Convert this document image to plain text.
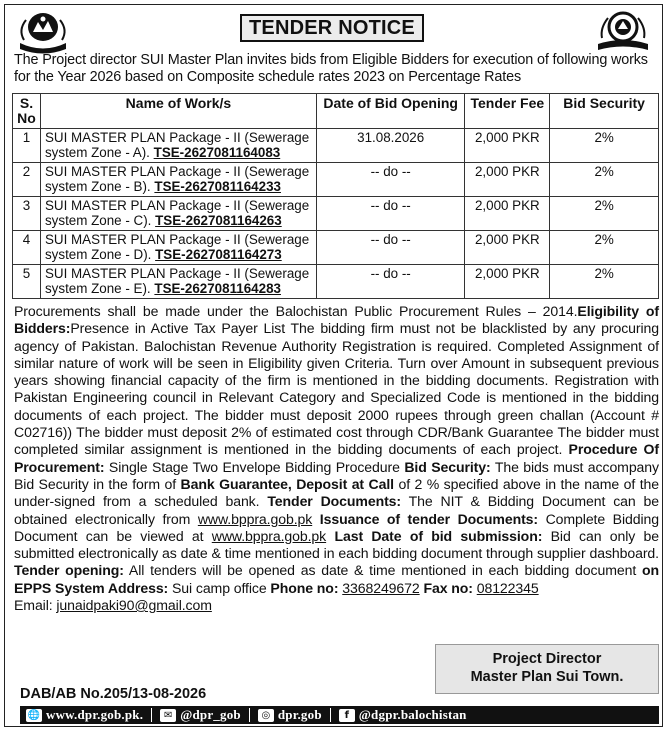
TENDER NOTICE
The Project director SUI Master Plan invites bids from Eligible Bidders for execution of following works for the Year 2026 based on Composite schedule rates 2023 on Percentage Rates
S. No	Name of Work/s	Date of Bid Opening	Tender Fee	Bid Security
1	SUI MASTER PLAN Package - II (Sewerage system Zone - A). TSE-2627081164083	31.08.2026	2,000 PKR	2%
2	SUI MASTER PLAN Package - II (Sewerage system Zone - B). TSE-2627081164233	-- do --	2,000 PKR	2%
3	SUI MASTER PLAN Package - II (Sewerage system Zone - C). TSE-2627081164263	-- do --	2,000 PKR	2%
4	SUI MASTER PLAN Package - II (Sewerage system Zone - D). TSE-2627081164273	-- do --	2,000 PKR	2%
5	SUI MASTER PLAN Package - II (Sewerage system Zone - E). TSE-2627081164283	-- do --	2,000 PKR	2%
Procurements shall be made under the Balochistan Public Procurement Rules – 2014.Eligibility of Bidders:Presence in Active Tax Payer List The bidding firm must not be blacklisted by any procuring agency of Pakistan. Balochistan Revenue Authority Registration is required. Completed Assignment of similar nature of work will be seen in Eligibility given Criteria. Turn over Amount in subsequent previous years showing financial capacity of the firm is mentioned in the bidding documents. Registration with Pakistan Engineering council in Relevant Category and Specialized Code is mentioned in the bidding documents of each project. The bidder must deposit 2000 rupees through green challan (Account # C02716)) The bidder must deposit 2% of estimated cost through CDR/Bank Guarantee The bidder must completed similar assignment is mentioned in the bidding documents of each project. Procedure Of Procurement: Single Stage Two Envelope Bidding Procedure Bid Security: The bids must accompany Bid Security in the form of Bank Guarantee, Deposit at Call of 2 % specified above in the name of the under-signed from a scheduled bank. Tender Documents: The NIT & Bidding Document can be obtained electronically from www.bppra.gob.pk Issuance of tender Documents: Complete Bidding Document can be viewed at www.bppra.gob.pk Last Date of bid submission: Bid can only be submitted electronically as date & time mentioned in each bidding document through supplier dashboard. Tender opening: All tenders will be opened as date & time mentioned in each bidding document on EPPS System Address: Sui camp office Phone no: 3368249672 Fax no: 08122345
Email: junaidpaki90@gmail.com
Project Director
Master Plan Sui Town.
DAB/AB No.205/13-08-2026
🌐 www.dpr.gob.pk.	✉ @dpr_gob	◎ dpr.gob	f @dgpr.balochistan
